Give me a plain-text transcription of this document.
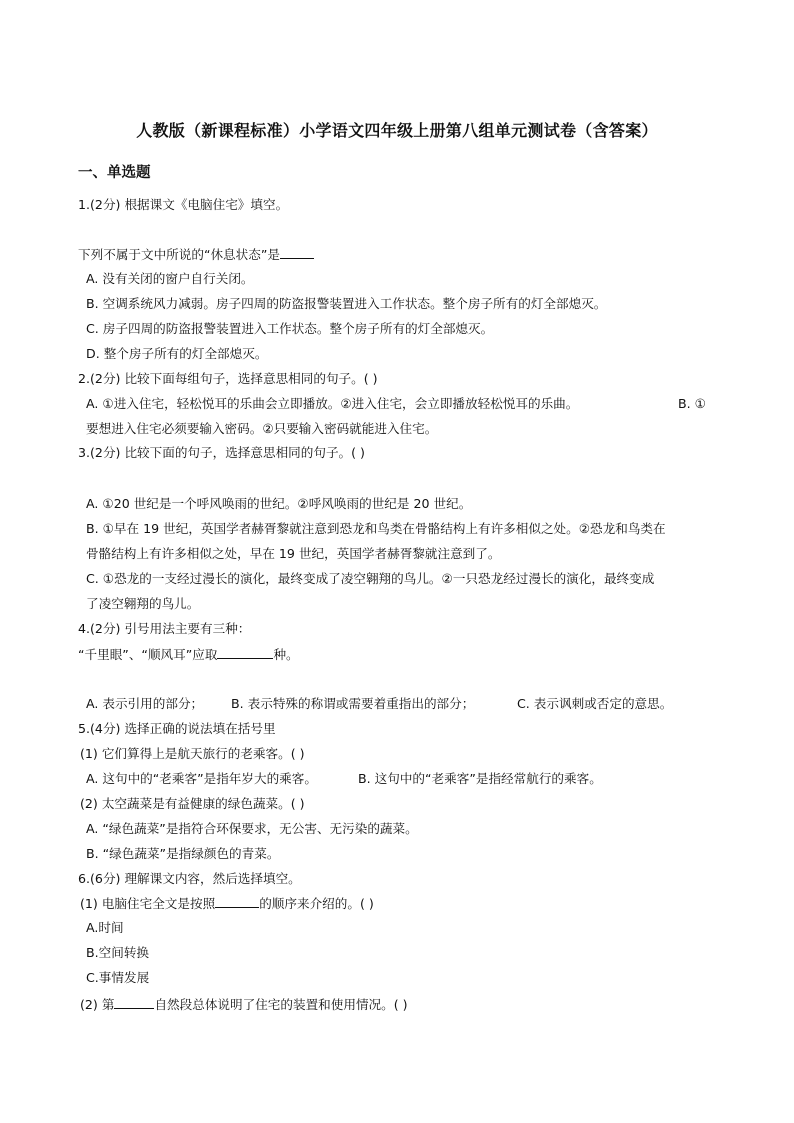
人教版（新课程标准）小学语文四年级上册第八组单元测试卷（含答案）
一、单选题
1.(2分) 根据课文《电脑住宅》填空。
下列不属于文中所说的“休息状态”是
A. 没有关闭的窗户自行关闭。
B. 空调系统风力减弱。房子四周的防盗报警装置进入工作状态。整个房子所有的灯全部熄灭。
C. 房子四周的防盗报警装置进入工作状态。整个房子所有的灯全部熄灭。
D. 整个房子所有的灯全部熄灭。
2.(2分) 比较下面每组句子，选择意思相同的句子。( )
A. ①进入住宅，轻松悦耳的乐曲会立即播放。②进入住宅，会立即播放轻松悦耳的乐曲。	B. ①
要想进入住宅必须要输入密码。②只要输入密码就能进入住宅。
3.(2分) 比较下面的句子，选择意思相同的句子。( )
A. ①20 世纪是一个呼风唤雨的世纪。②呼风唤雨的世纪是 20 世纪。
B. ①早在 19 世纪，英国学者赫胥黎就注意到恐龙和鸟类在骨骼结构上有许多相似之处。②恐龙和鸟类在
骨骼结构上有许多相似之处，早在 19 世纪，英国学者赫胥黎就注意到了。
C. ①恐龙的一支经过漫长的演化，最终变成了凌空翱翔的鸟儿。②一只恐龙经过漫长的演化，最终变成
了凌空翱翔的鸟儿。
4.(2分) 引号用法主要有三种：
“千里眼”、“顺风耳”应取	种。
A. 表示引用的部分； B. 表示特殊的称谓或需要着重指出的部分；	C. 表示讽刺或否定的意思。
5.(4分) 选择正确的说法填在括号里
(1) 它们算得上是航天旅行的老乘客。( )
A. 这句中的“老乘客”是指年岁大的乘客。	B. 这句中的“老乘客”是指经常航行的乘客。
(2) 太空蔬菜是有益健康的绿色蔬菜。( )
A. “绿色蔬菜”是指符合环保要求，无公害、无污染的蔬菜。
B. “绿色蔬菜”是指绿颜色的青菜。
6.(6分) 理解课文内容，然后选择填空。
(1) 电脑住宅全文是按照	的顺序来介绍的。( )
A.时间
B.空间转换
C.事情发展
(2) 第	自然段总体说明了住宅的装置和使用情况。( )
